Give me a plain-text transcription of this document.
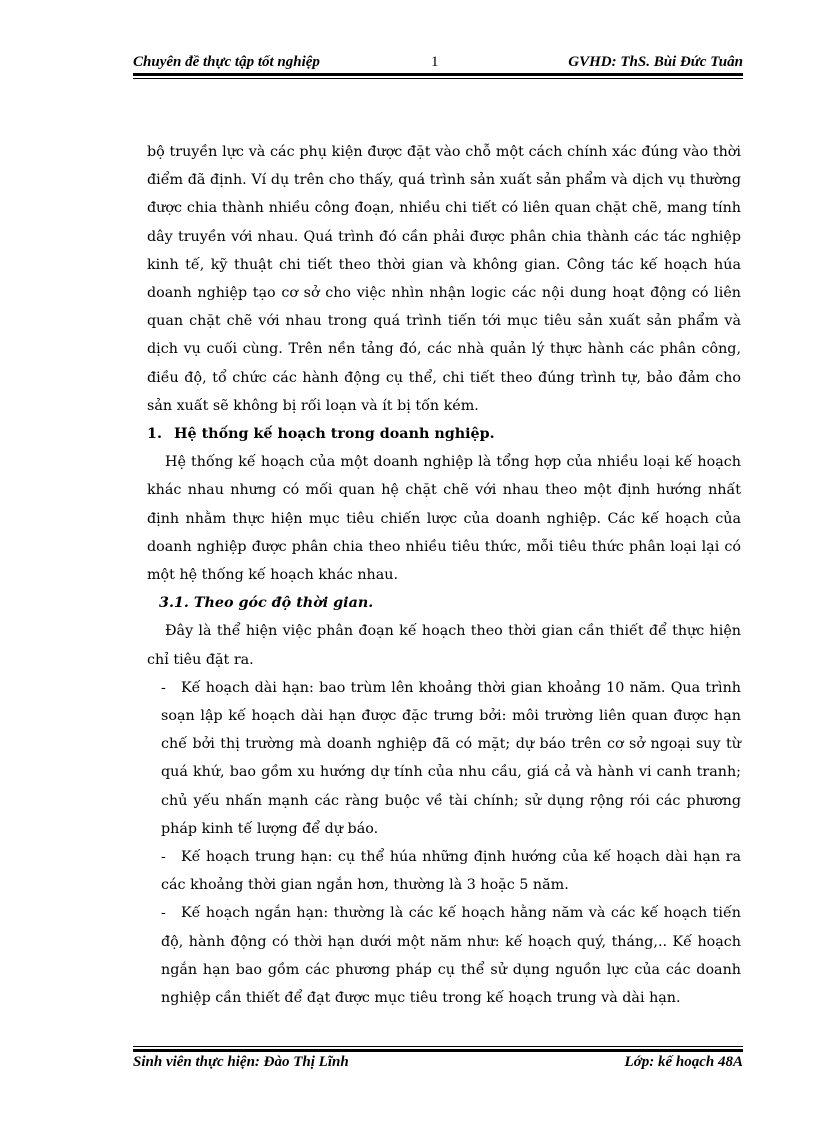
Chuyên đề thực tập tốt nghiệp	1	GVHD: ThS. Bùi Đức Tuân

bộ truyền lực và các phụ kiện được đặt vào chỗ một cách chính xác đúng vào thời điểm đã định. Ví dụ trên cho thấy, quá trình sản xuất sản phẩm và dịch vụ thường được chia thành nhiều công đoạn, nhiều chi tiết có liên quan chặt chẽ, mang tính dây truyền với nhau. Quá trình đó cần phải được phân chia thành các tác nghiệp kinh tế, kỹ thuật chi tiết theo thời gian và không gian. Công tác kế hoạch húa doanh nghiệp tạo cơ sở cho việc nhìn nhận logic các nội dung hoạt động có liên quan chặt chẽ với nhau trong quá trình tiến tới mục tiêu sản xuất sản phẩm và dịch vụ cuối cùng. Trên nền tảng đó, các nhà quản lý thực hành các phân công, điều độ, tổ chức các hành động cụ thể, chi tiết theo đúng trình tự, bảo đảm cho sản xuất sẽ không bị rối loạn và ít bị tốn kém.

1. Hệ thống kế hoạch trong doanh nghiệp.

Hệ thống kế hoạch của một doanh nghiệp là tổng hợp của nhiều loại kế hoạch khác nhau nhưng có mối quan hệ chặt chẽ với nhau theo một định hướng nhất định nhằm thực hiện mục tiêu chiến lược của doanh nghiệp. Các kế hoạch của doanh nghiệp được phân chia theo nhiều tiêu thức, mỗi tiêu thức phân loại lại có một hệ thống kế hoạch khác nhau.

3.1. Theo góc độ thời gian.

Đây là thể hiện việc phân đoạn kế hoạch theo thời gian cần thiết để thực hiện chỉ tiêu đặt ra.

- Kế hoạch dài hạn: bao trùm lên khoảng thời gian khoảng 10 năm. Qua trình soạn lập kế hoạch dài hạn được đặc trưng bởi: môi trường liên quan được hạn chế bởi thị trường mà doanh nghiệp đã có mặt; dự báo trên cơ sở ngoại suy từ quá khứ, bao gồm xu hướng dự tính của nhu cầu, giá cả và hành vi canh tranh; chủ yếu nhấn mạnh các ràng buộc về tài chính; sử dụng rộng rói các phương pháp kinh tế lượng để dự báo.

- Kế hoạch trung hạn: cụ thể húa những định hướng của kế hoạch dài hạn ra các khoảng thời gian ngắn hơn, thường là 3 hoặc 5 năm.

- Kế hoạch ngắn hạn: thường là các kế hoạch hằng năm và các kế hoạch tiến độ, hành động có thời hạn dưới một năm như: kế hoạch quý, tháng,.. Kế hoạch ngắn hạn bao gồm các phương pháp cụ thể sử dụng nguồn lực của các doanh nghiệp cần thiết để đạt được mục tiêu trong kế hoạch trung và dài hạn.

Sinh viên thực hiện: Đào Thị Lĩnh	Lớp: kế hoạch 48A
